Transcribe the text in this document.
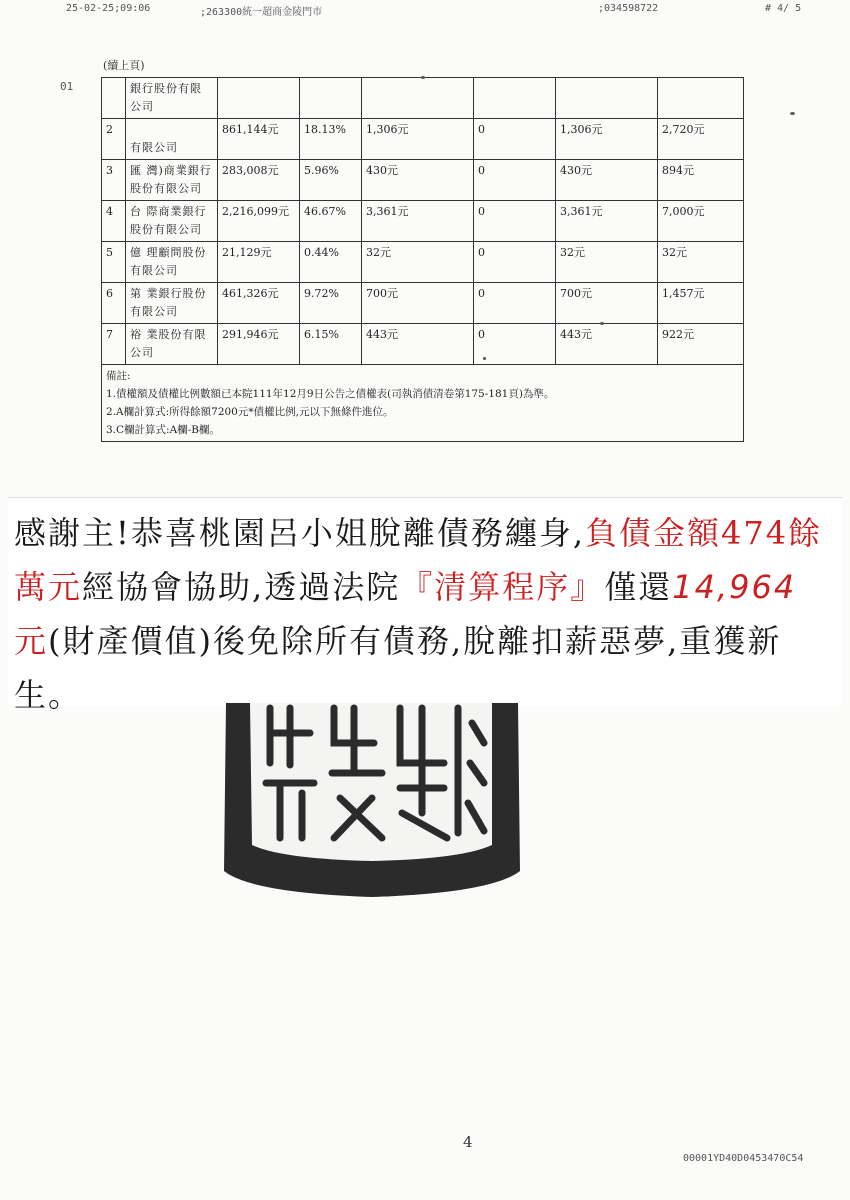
25-02-25;09:06	;263300統一超商金陵門市	;034598722	# 4/ 5
(續上頁)
01
		銀行股份有限公司						
2	有限公司	861,144元	18.13%	1,306元	0	1,306元	2,720元
3	匯 灣)商業銀行股份有限公司	283,008元	5.96%	430元	0	430元	894元
4	台 際商業銀行股份有限公司	2,216,099元	46.67%	3,361元	0	3,361元	7,000元
5	億 理顧問股份有限公司	21,129元	0.44%	32元	0	32元	32元
6	第 業銀行股份有限公司	461,326元	9.72%	700元	0	700元	1,457元
7	裕 業股份有限公司	291,946元	6.15%	443元	0	443元	922元

備註:
1.債權額及債權比例數額已本院111年12月9日公告之債權表(司執消債清卷第175-181頁)為準。
2.A欄計算式:所得餘額7200元*債權比例,元以下無條件進位。
3.C欄計算式:A欄-B欄。							

感謝主!恭喜桃園呂小姐脫離債務纏身,負債金額474餘萬元經協會協助,透過法院『清算程序』僅還14,964 元(財產價值)後免除所有債務,脫離扣薪惡夢,重獲新生。

4
00001YD40D0453470C54
